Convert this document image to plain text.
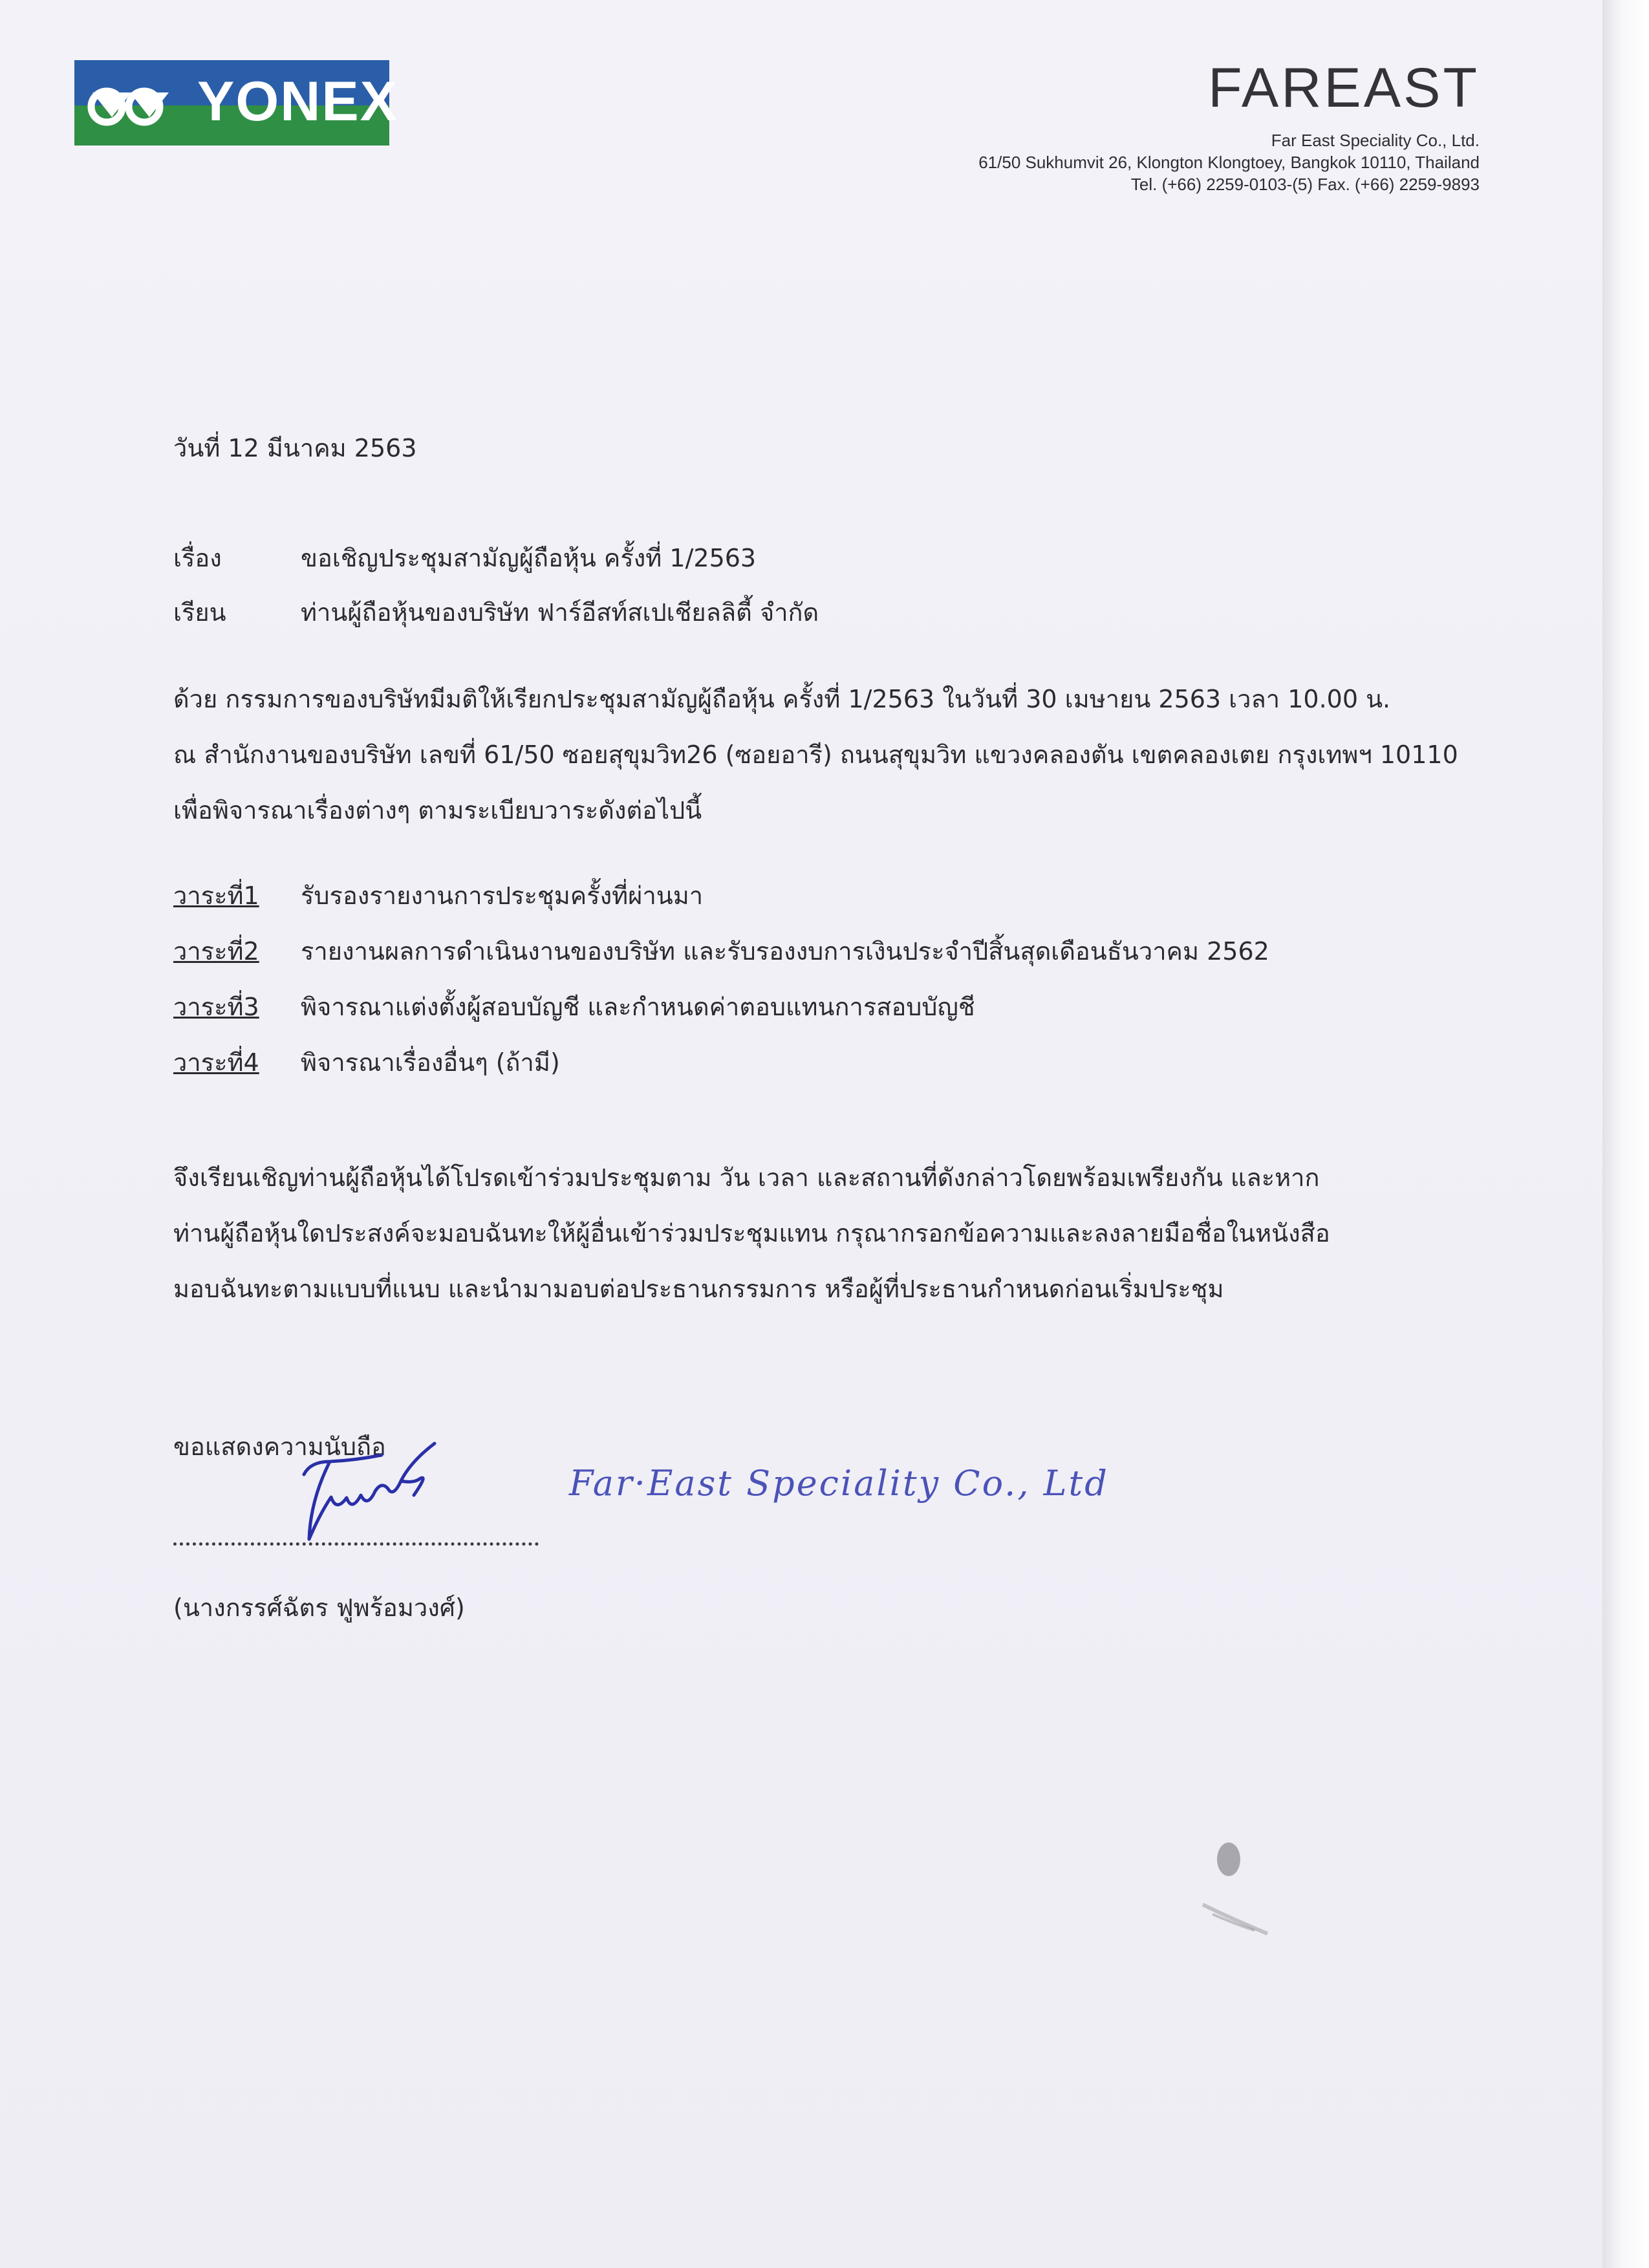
YONEX	FAREAST
Far East Speciality Co., Ltd.
61/50 Sukhumvit 26, Klongton Klongtoey, Bangkok 10110, Thailand
Tel. (+66) 2259-0103-(5) Fax. (+66) 2259-9893
วันที่ 12 มีนาคม 2563
เรื่อง	ขอเชิญประชุมสามัญผู้ถือหุ้น ครั้งที่ 1/2563
เรียน	ท่านผู้ถือหุ้นของบริษัท ฟาร์อีสท์สเปเชียลลิตี้ จำกัด
ด้วย กรรมการของบริษัทมีมติให้เรียกประชุมสามัญผู้ถือหุ้น ครั้งที่ 1/2563 ในวันที่ 30 เมษายน 2563 เวลา 10.00 น.
ณ สำนักงานของบริษัท เลขที่ 61/50 ซอยสุขุมวิท26 (ซอยอารี) ถนนสุขุมวิท แขวงคลองตัน เขตคลองเตย กรุงเทพฯ 10110
เพื่อพิจารณาเรื่องต่างๆ ตามระเบียบวาระดังต่อไปนี้
วาระที่1 รับรองรายงานการประชุมครั้งที่ผ่านมา
วาระที่2 รายงานผลการดำเนินงานของบริษัท และรับรองงบการเงินประจำปีสิ้นสุดเดือนธันวาคม 2562
วาระที่3 พิจารณาแต่งตั้งผู้สอบบัญชี และกำหนดค่าตอบแทนการสอบบัญชี
วาระที่4 พิจารณาเรื่องอื่นๆ (ถ้ามี)
จึงเรียนเชิญท่านผู้ถือหุ้นได้โปรดเข้าร่วมประชุมตาม วัน เวลา และสถานที่ดังกล่าวโดยพร้อมเพรียงกัน และหาก
ท่านผู้ถือหุ้นใดประสงค์จะมอบฉันทะให้ผู้อื่นเข้าร่วมประชุมแทน กรุณากรอกข้อความและลงลายมือชื่อในหนังสือ
มอบฉันทะตามแบบที่แนบ และนำมามอบต่อประธานกรรมการ หรือผู้ที่ประธานกำหนดก่อนเริ่มประชุม
ขอแสดงความนับถือ
Far·East Speciality Co., Ltd
(นางกรรศ์ฉัตร ฟูพร้อมวงศ์)
